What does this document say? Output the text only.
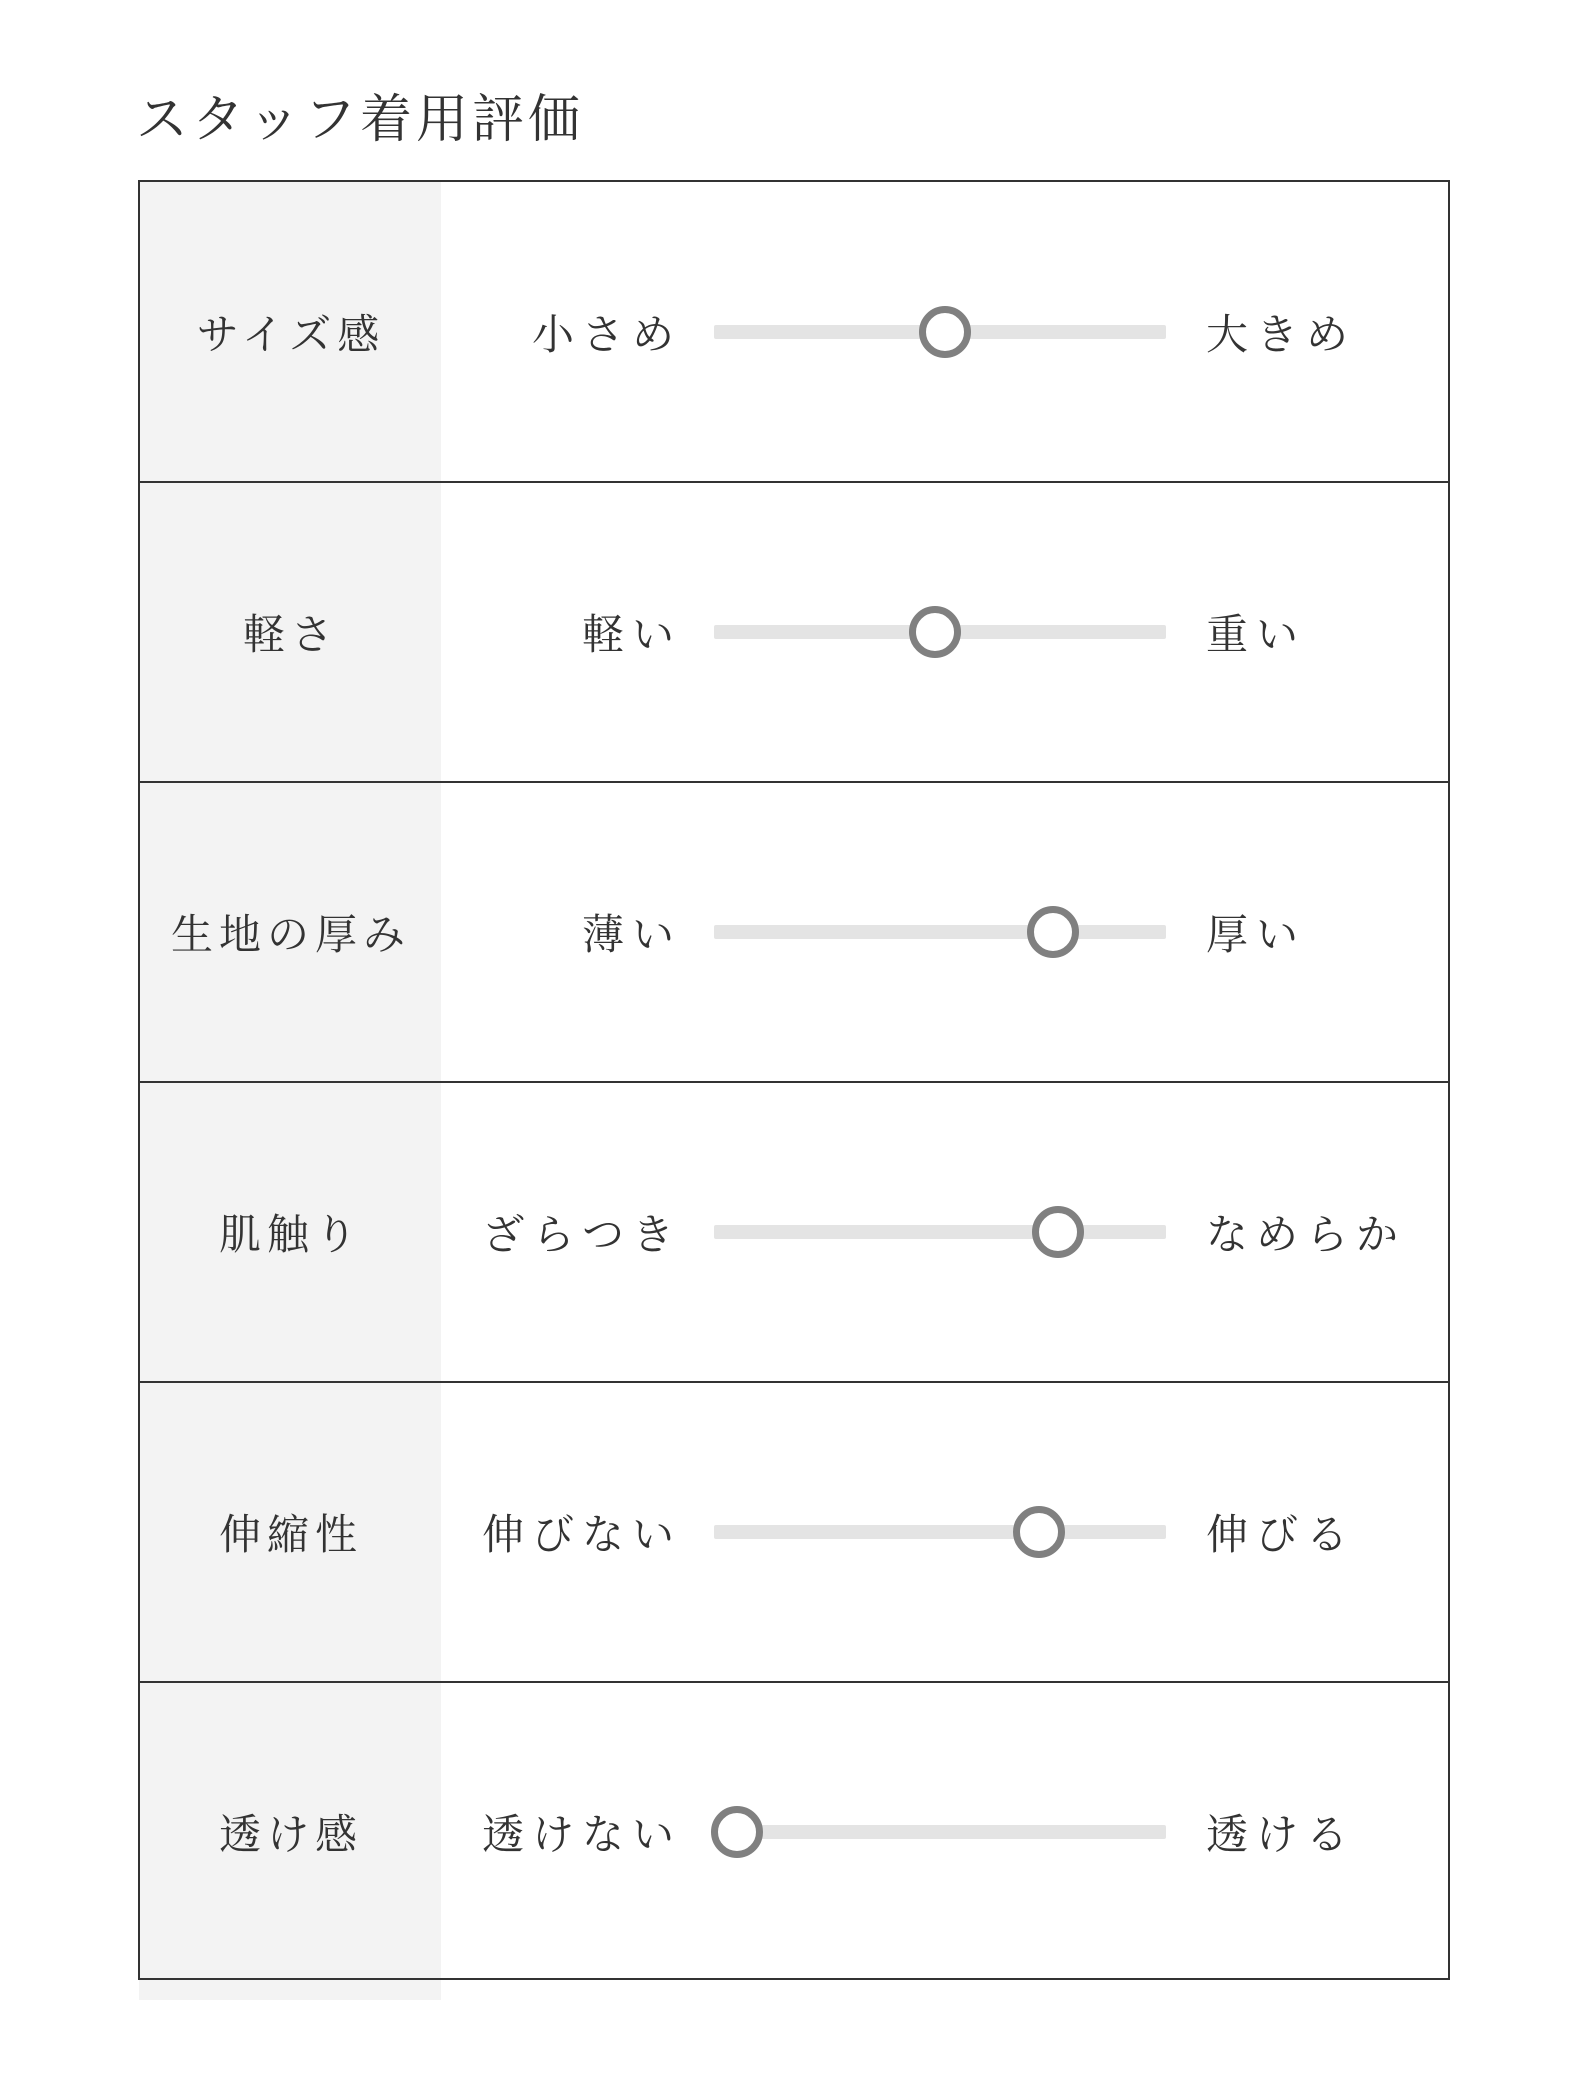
スタッフ着用評価
サイズ感	小さめ	大きめ
軽さ	軽い	重い
生地の厚み	薄い	厚い
肌触り	ざらつき	なめらか
伸縮性	伸びない	伸びる
透け感	透けない	透ける
